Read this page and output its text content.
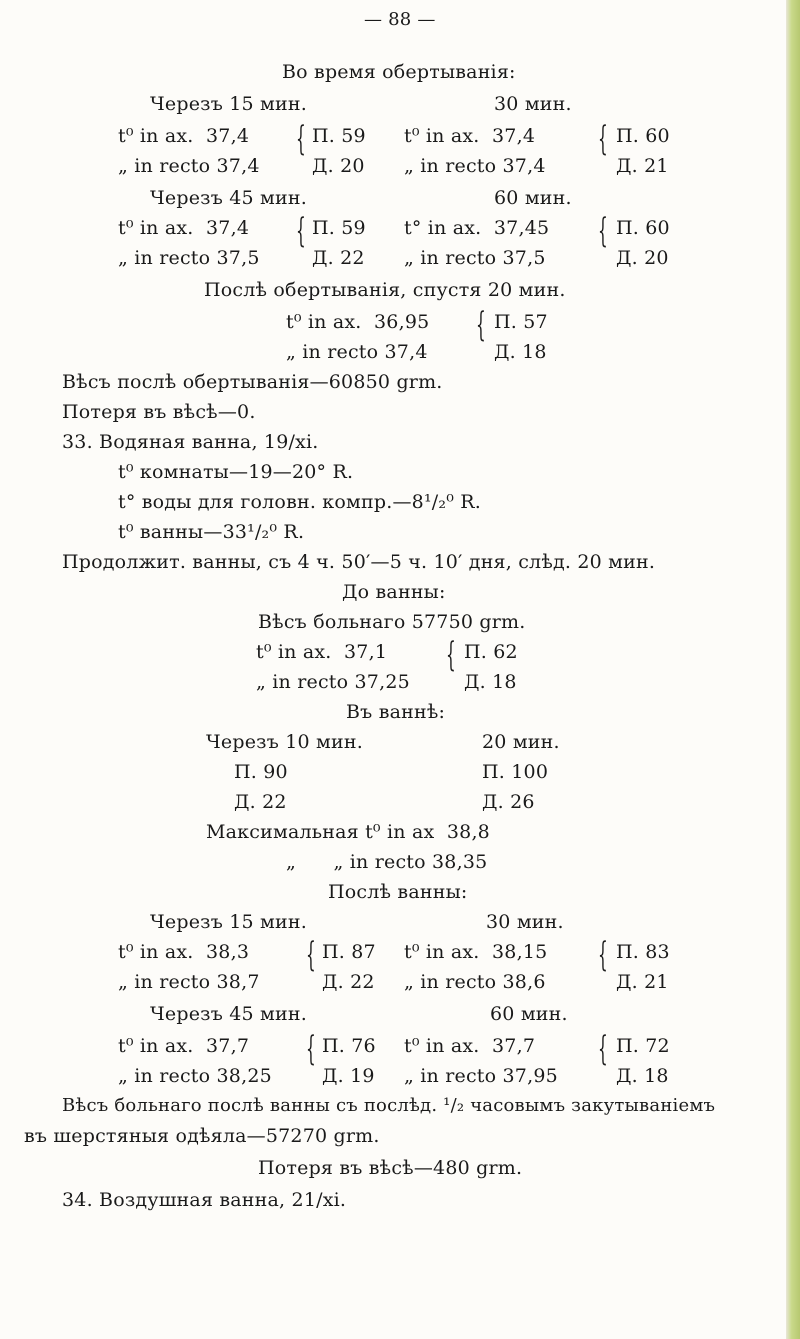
— 88 —
Во время обертыванія:
Черезъ 15 мин.	30 мин.
t⁰ in ax.  37,4 { П. 59 t⁰ in ax.  37,4 { П. 60
„ in recto 37,4	Д. 20 „ in recto 37,4	Д. 21
Черезъ 45 мин.	60 мин.
t⁰ in ax.  37,4 { П. 59 t° in ax.  37,45 { П. 60
„ in recto 37,5	Д. 22 „ in recto 37,5	Д. 20
Послѣ обертыванія, спустя 20 мин.
t⁰ in ax.  36,95 { П. 57
„ in recto 37,4	Д. 18
Вѣсъ послѣ обертыванія—60850 grm.
Потеря въ вѣсѣ—0.
33. Водяная ванна, 19/xi.
t⁰ комнаты—19—20° R.
t° воды для головн. компр.—8¹/₂⁰ R.
t⁰ ванны—33¹/₂⁰ R.
Продолжит. ванны, съ 4 ч. 50′—5 ч. 10′ дня, слѣд. 20 мин.
До ванны:
Вѣсъ больнаго 57750 grm.
t⁰ in ax.  37,1 { П. 62
„ in recto 37,25	Д. 18
Въ ваннѣ:
Черезъ 10 мин.	20 мин.
П. 90	П. 100
Д. 22	Д. 26
Максимальная t⁰ in ax  38,8
„      „ in recto 38,35
Послѣ ванны:
Черезъ 15 мин.	30 мин.
t⁰ in ax.  38,3 { П. 87 t⁰ in ax.  38,15 { П. 83
„ in recto 38,7	Д. 22 „ in recto 38,6	Д. 21
Черезъ 45 мин.	60 мин.
t⁰ in ax.  37,7 { П. 76 t⁰ in ax.  37,7 { П. 72
„ in recto 38,25	Д. 19 „ in recto 37,95	Д. 18
Вѣсъ больнаго послѣ ванны съ послѣд. ¹/₂ часовымъ закутываніемъ
въ шерстяныя одѣяла—57270 grm.
Потеря въ вѣсѣ—480 grm.
34. Воздушная ванна, 21/xi.
